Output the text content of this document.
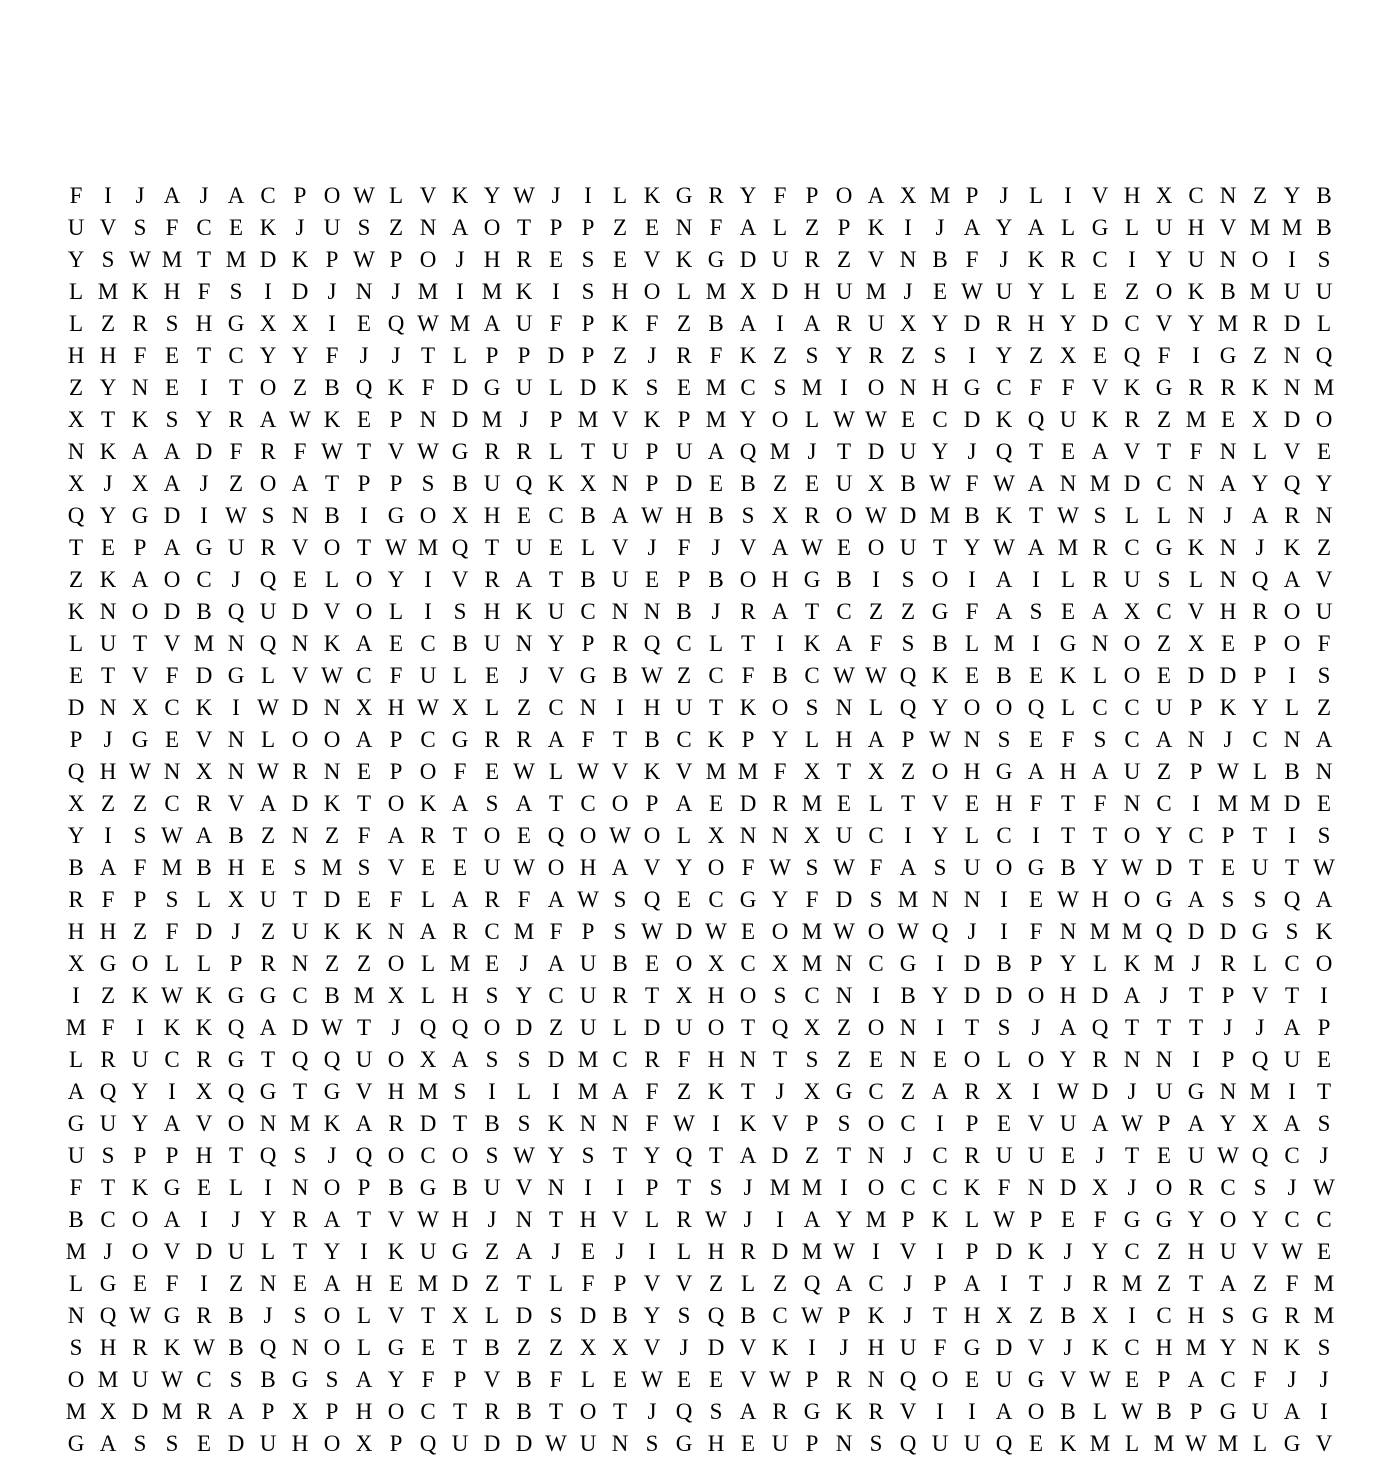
F I	J A J A C P O W L V K Y W J	I L K G R Y F P O A X M P J L I V H X C N Z Y B
U V S F C E K J U S Z N A O T P P Z E N F A L Z P K I	J A Y A L G L U H V M M B
Y S W M T M D K P W P O J H R E S E V K G D U R Z V N B F J K R C I Y U N O I S
L M K H F S I D J N J M I M K I S H O L M X D H U M J E W U Y L E Z O K B M U U
L Z R S H G X X I E Q W M A U F P K F Z B A I A R U X Y D R H Y D C V Y M R D L
H H F E T C Y Y F J	J T L P P D P Z J R F K Z S Y R Z S I Y Z X E Q F I G Z N Q
Z Y N E I T O Z B Q K F D G U L D K S E M C S M I O N H G C F F V K G R R K N M
X T K S Y R A W K E P N D M J P M V K P M Y O L W W E C D K Q U K R Z M E X D O
N K A A D F R F W T V W G R R L T U P U A Q M J T D U Y J Q T E A V T F N L V E
X J X A J Z O A T P P S B U Q K X N P D E B Z E U X B W F W A N M D C N A Y Q Y
Q Y G D I W S N B I G O X H E C B A W H B S X R O W D M B K T W S L L N J A R N
T E P A G U R V O T W M Q T U E L V J F J V A W E O U T Y W A M R C G K N J K Z
Z K A O C J Q E L O Y I V R A T B U E P B O H G B I S O I A I L R U S L N Q A V
K N O D B Q U D V O L I S H K U C N N B J R A T C Z Z G F A S E A X C V H R O U
L U T V M N Q N K A E C B U N Y P R Q C L T I K A F S B L M I G N O Z X E P O F
E T V F D G L V W C F U L E J V G B W Z C F B C W W Q K E B E K L O E D D P I S
D N X C K I W D N X H W X L Z C N I H U T K O S N L Q Y O O Q L C C U P K Y L Z
P J G E V N L O O A P C G R R A F T B C K P Y L H A P W N S E F S C A N J C N A
Q H W N X N W R N E P O F E W L W V K V M M F X T X Z O H G A H A U Z P W L B N
X Z Z C R V A D K T O K A S A T C O P A E D R M E L T V E H F T F N C I M M D E
Y I S W A B Z N Z F A R T O E Q O W O L X N N X U C I Y L C I T T O Y C P T I S
B A F M B H E S M S V E E U W O H A V Y O F W S W F A S U O G B Y W D T E U T W
R F P S L X U T D E F L A R F A W S Q E C G Y F D S M N N I E W H O G A S S Q A
H H Z F D J Z U K K N A R C M F P S W D W E O M W O W Q J	I F N M M Q D D G S K
X G O L L P R N Z Z O L M E J A U B E O X C X M N C G I D B P Y L K M J R L C O
I Z K W K G G C B M X L H S Y C U R T X H O S C N I B Y D D O H D A J T P V T I
M F I K K Q A D W T J Q Q O D Z U L D U O T Q X Z O N I T S J A Q T T T J	J A P
L R U C R G T Q Q U O X A S S D M C R F H N T S Z E N E O L O Y R N N I P Q U E
A Q Y I X Q G T G V H M S I L I M A F Z K T J X G C Z A R X I W D J U G N M I T
G U Y A V O N M K A R D T B S K N N F W I K V P S O C I P E V U A W P A Y X A S
U S P P H T Q S J Q O C O S W Y S T Y Q T A D Z T N J C R U U E J T E U W Q C J
F T K G E L I N O P B G B U V N I	I P T S J M M I O C C K F N D X J O R C S J W
B C O A I	J Y R A T V W H J N T H V L R W J	I A Y M P K L W P E F G G Y O Y C C
M J O V D U L T Y I K U G Z A J E J	I L H R D M W I V I P D K J Y C Z H U V W E
L G E F I Z N E A H E M D Z T L F P V V Z L Z Q A C J P A I T J R M Z T A Z F M
N Q W G R B J S O L V T X L D S D B Y S Q B C W P K J T H X Z B X I C H S G R M
S H R K W B Q N O L G E T B Z Z X X V J D V K I	J H U F G D V J K C H M Y N K S
O M U W C S B G S A Y F P V B F L E W E E V W P R N Q O E U G V W E P A C F J	J
M X D M R A P X P H O C T R B T O T J Q S A R G K R V I	I A O B L W B P G U A I
G A S S E D U H O X P Q U D D W U N S G H E U P N S Q U U Q E K M L M W M L G V
